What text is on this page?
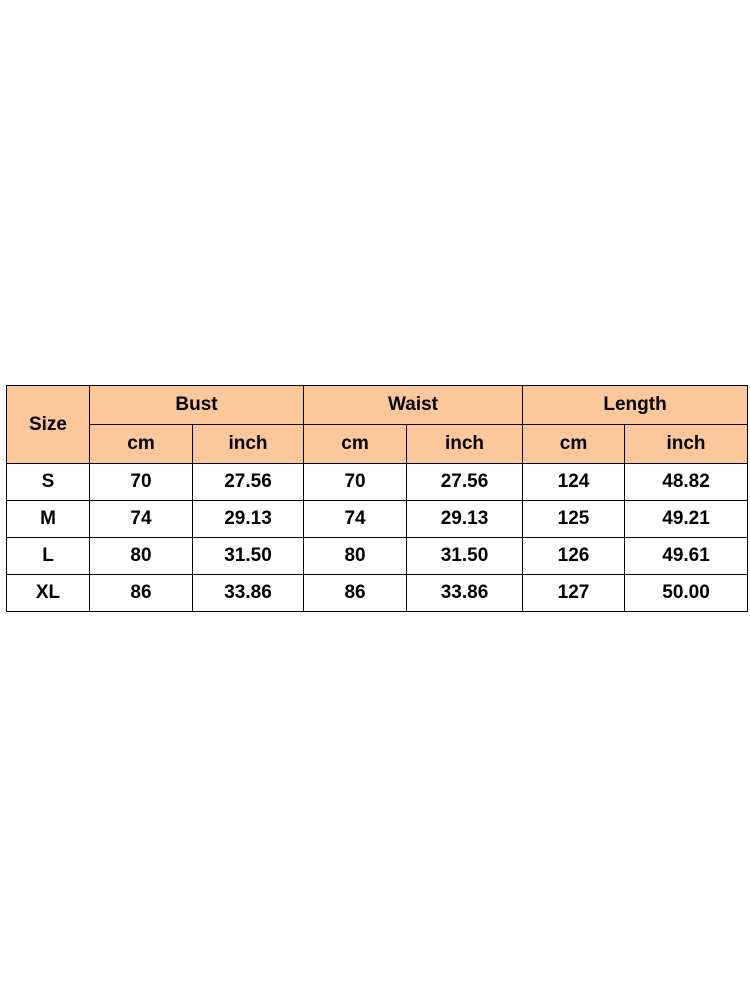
Size	Bust		Waist		Length	
	cm	inch	cm	inch	cm	inch
S	70	27.56	70	27.56	124	48.82
M	74	29.13	74	29.13	125	49.21
L	80	31.50	80	31.50	126	49.61
XL	86	33.86	86	33.86	127	50.00
